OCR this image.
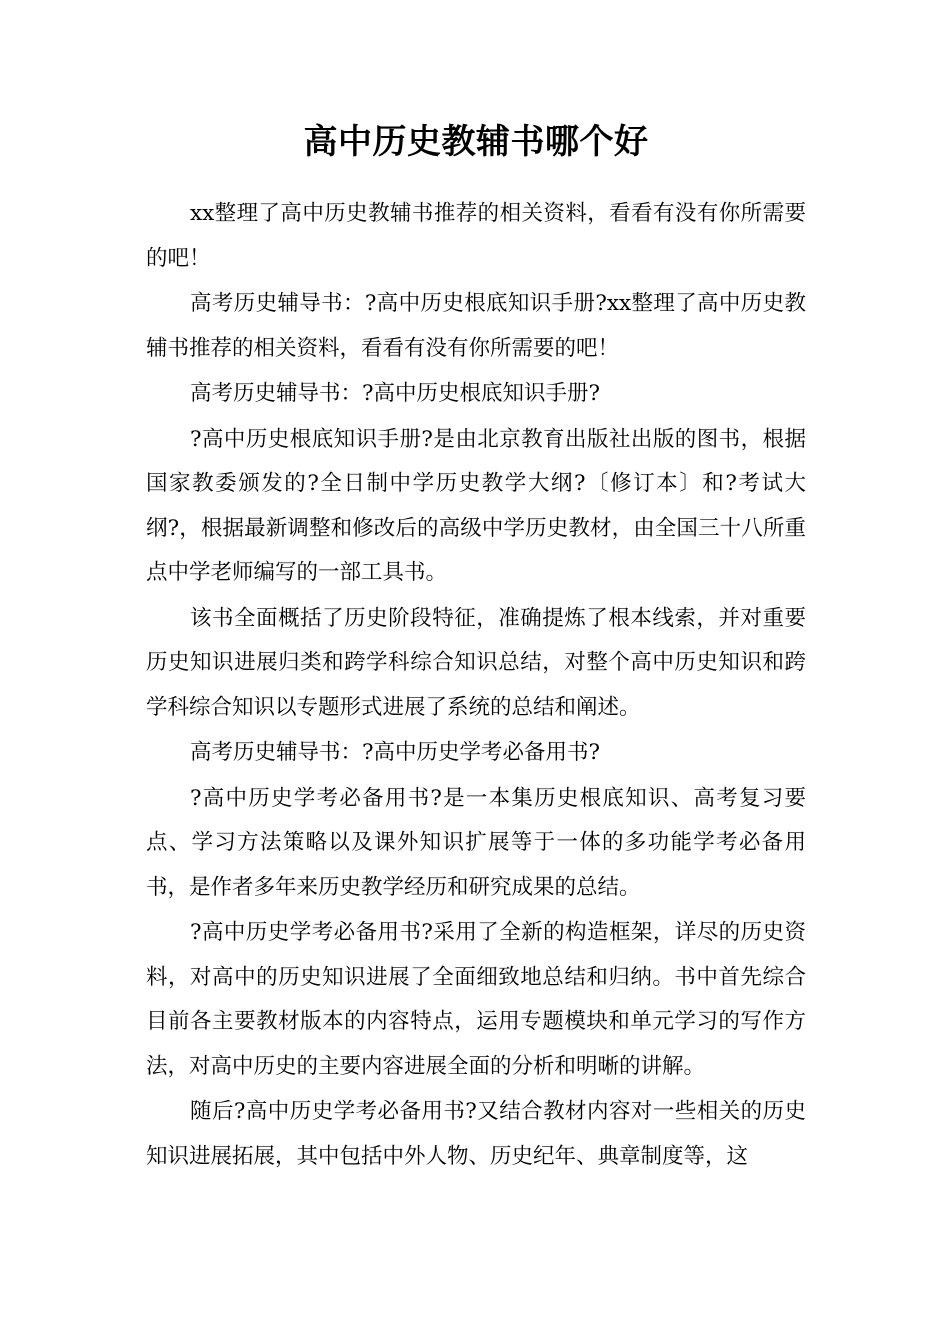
高中历史教辅书哪个好

xx整理了高中历史教辅书推荐的相关资料，看看有没有你所需要的吧！

高考历史辅导书：?高中历史根底知识手册?xx整理了高中历史教辅书推荐的相关资料，看看有没有你所需要的吧！

高考历史辅导书：?高中历史根底知识手册?

?高中历史根底知识手册?是由北京教育出版社出版的图书，根据国家教委颁发的?全日制中学历史教学大纲?〔修订本〕和?考试大纲?，根据最新调整和修改后的高级中学历史教材，由全国三十八所重点中学老师编写的一部工具书。

该书全面概括了历史阶段特征，准确提炼了根本线索，并对重要历史知识进展归类和跨学科综合知识总结，对整个高中历史知识和跨学科综合知识以专题形式进展了系统的总结和阐述。

高考历史辅导书：?高中历史学考必备用书?

?高中历史学考必备用书?是一本集历史根底知识、高考复习要点、学习方法策略以及课外知识扩展等于一体的多功能学考必备用书，是作者多年来历史教学经历和研究成果的总结。

?高中历史学考必备用书?采用了全新的构造框架，详尽的历史资料，对高中的历史知识进展了全面细致地总结和归纳。书中首先综合目前各主要教材版本的内容特点，运用专题模块和单元学习的写作方法，对高中历史的主要内容进展全面的分析和明晰的讲解。

随后?高中历史学考必备用书?又结合教材内容对一些相关的历史知识进展拓展，其中包括中外人物、历史纪年、典章制度等，这
